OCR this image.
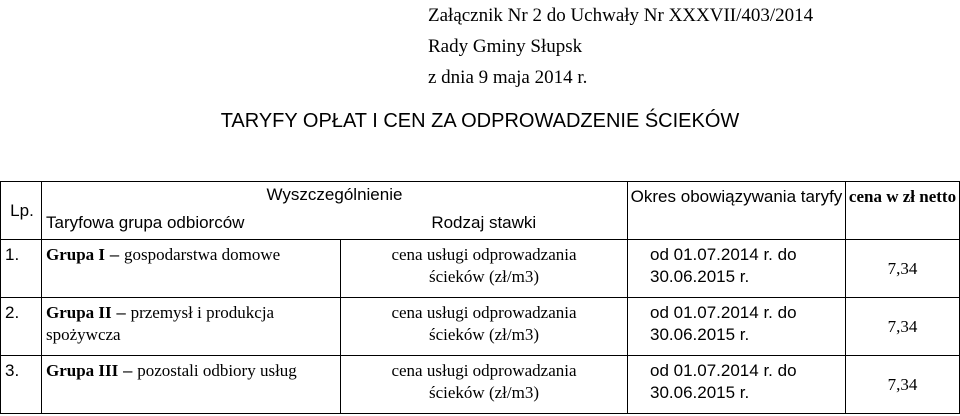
Załącznik Nr 2 do Uchwały Nr XXXVII/403/2014
Rady Gminy Słupsk
z dnia 9 maja 2014 r.
TARYFY OPŁAT I CEN ZA ODPROWADZENIE ŚCIEKÓW
Lp.	Wyszczególnienie		Okres obowiązywania taryfy	cena w zł netto
	Taryfowa grupa odbiorców	Rodzaj stawki		
1.	Grupa I – gospodarstwa domowe	cena usługi odprowadzania ścieków (zł/m3)	od 01.07.2014 r. do 30.06.2015 r.	7,34
2.	Grupa II – przemysł i produkcja spożywcza	cena usługi odprowadzania ścieków (zł/m3)	od 01.07.2014 r. do 30.06.2015 r.	7,34
3.	Grupa III – pozostali odbiory usług	cena usługi odprowadzania ścieków (zł/m3)	od 01.07.2014 r. do 30.06.2015 r.	7,34
